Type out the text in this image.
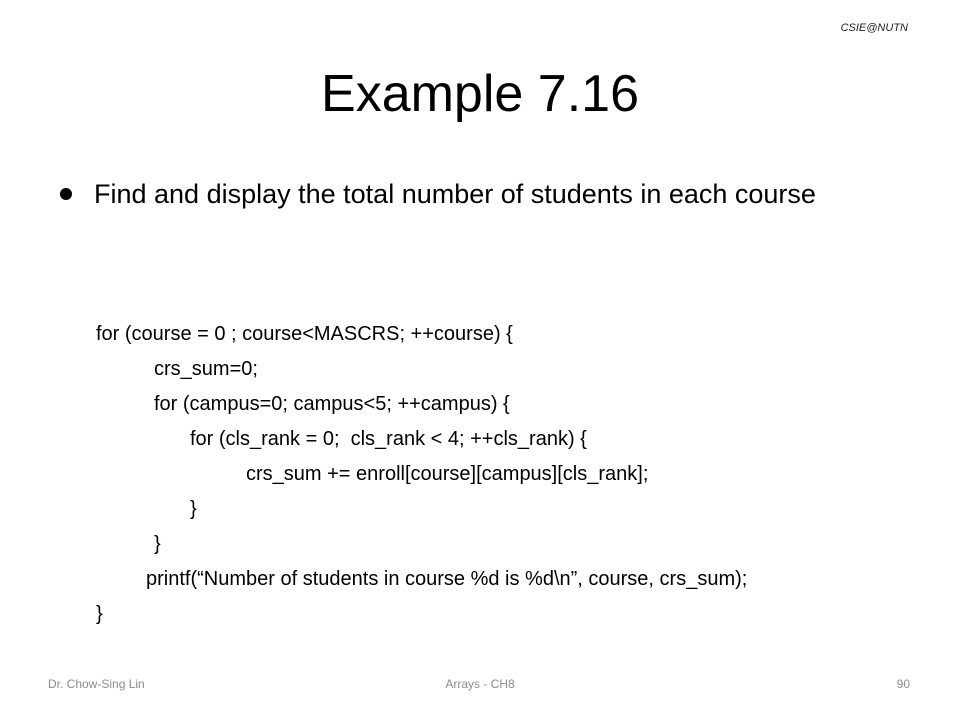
CSIE@NUTN
Example 7.16
Find and display the total number of students in each course
for (course = 0 ; course<MASCRS; ++course) {
crs_sum=0;
for (campus=0; campus<5; ++campus) {
for (cls_rank = 0;  cls_rank < 4; ++cls_rank) {
crs_sum += enroll[course][campus][cls_rank];
}
}
printf(“Number of students in course %d is %d\n”, course, crs_sum);
}
Dr. Chow-Sing Lin	Arrays - CH8	90
